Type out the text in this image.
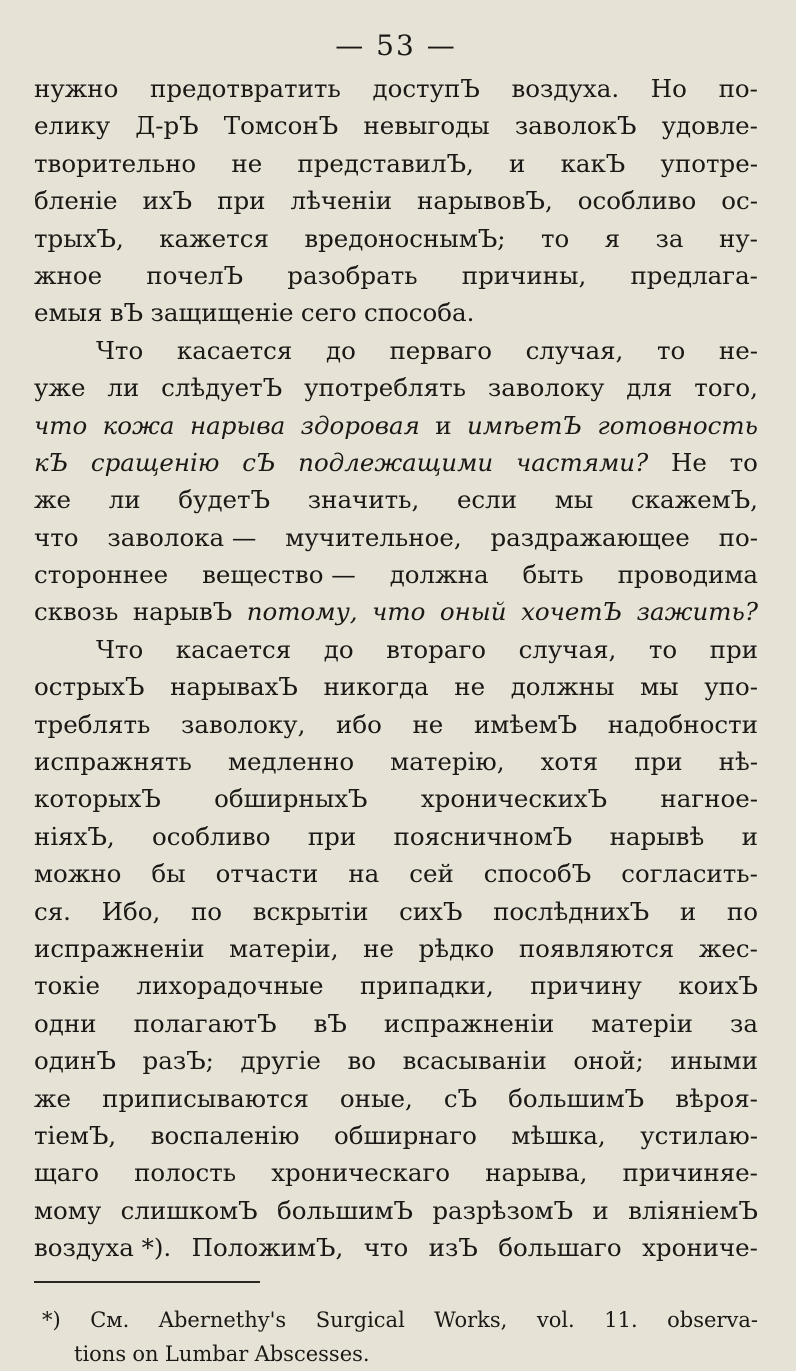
— 53 —
нужно предотвратить доступЪ воздуха. Но по-
елику Д-рЪ ТомсонЪ невыгоды заволокЪ удовле-
творительно не представилЪ, и какЪ употре-
бленiе ихЪ при лѣченiи нарывовЪ, особливо ос-
трыхЪ, кажется вредоноснымЪ; то я за ну-
жное почелЪ разобрать причины, предлага-
емыя вЪ защищенiе сего способа.
Что касается до перваго случая, то не-
уже ли слѣдуетЪ употреблять заволоку для того,
что кожа нарыва здоровая и имѣетЪ готовность
кЪ сращенiю сЪ подлежащими частями? Не то
же ли будетЪ значить, если мы скажемЪ,
что заволока — мучительное, раздражающее по-
стороннее вещество — должна быть проводима
сквозь нарывЪ потому, что оный хочетЪ зажить?
Что касается до втораго случая, то при
острыхЪ нарывахЪ никогда не должны мы упо-
треблять заволоку, ибо не имѣемЪ надобности
испражнять медленно матерiю, хотя при нѣ-
которыхЪ обширныхЪ хроническихЪ нагное-
нiяхЪ, особливо при поясничномЪ нарывѣ и
можно бы отчасти на сей способЪ согласить-
ся. Ибо, по вскрытiи сихЪ послѣднихЪ и по
испражненiи матерiи, не рѣдко появляются жес-
токiе лихорадочные припадки, причину коихЪ
одни полагаютЪ вЪ испражненiи матерiи за
одинЪ разЪ; другiе во всасыванiи оной; иными
же приписываются оные, сЪ большимЪ вѣроя-
тiемЪ, воспаленiю обширнаго мѣшка, устилаю-
щаго полость хроническаго нарыва, причиняе-
мому слишкомЪ большимЪ разрѣзомЪ и влiянiемЪ
воздуха *). ПоложимЪ, что изЪ большаго хрониче-
*) См. Abernethy's Surgical Works, vol. 11. observa-
tions on Lumbar Abscesses.
